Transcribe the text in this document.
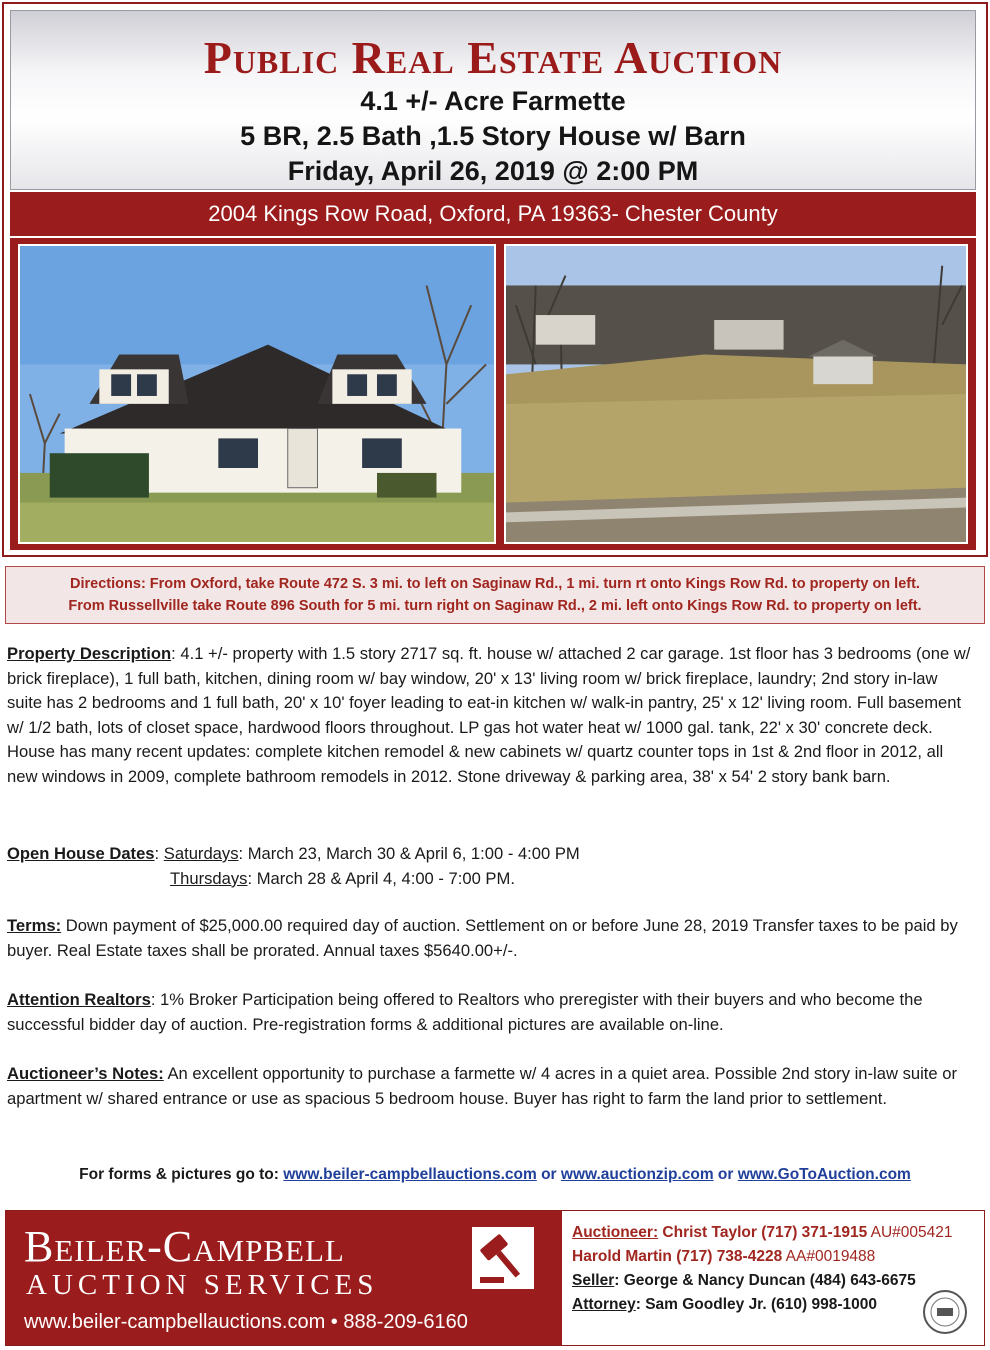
Public Real Estate Auction
4.1 +/- Acre Farmette
5 BR, 2.5 Bath ,1.5 Story House w/ Barn
Friday, April 26, 2019 @ 2:00 PM
2004 Kings Row Road, Oxford, PA 19363- Chester County
Directions: From Oxford, take Route 472 S. 3 mi. to left on Saginaw Rd., 1 mi. turn rt onto Kings Row Rd. to property on left.
From Russellville take Route 896 South for 5 mi. turn right on Saginaw Rd., 2 mi. left onto Kings Row Rd. to property on left.
Property Description: 4.1 +/- property with 1.5 story 2717 sq. ft. house w/ attached 2 car garage. 1st floor has 3 bedrooms (one w/ brick fireplace), 1 full bath, kitchen, dining room w/ bay window, 20' x 13' living room w/ brick fireplace, laundry; 2nd story in-law suite has 2 bedrooms and 1 full bath, 20' x 10' foyer leading to eat-in kitchen w/ walk-in pantry, 25' x 12' living room. Full basement w/ 1/2 bath, lots of closet space, hardwood floors throughout. LP gas hot water heat w/ 1000 gal. tank, 22' x 30' concrete deck. House has many recent updates: complete kitchen remodel & new cabinets w/ quartz counter tops in 1st & 2nd floor in 2012, all new windows in 2009, complete bathroom remodels in 2012. Stone driveway & parking area, 38' x 54' 2 story bank barn.
Open House Dates: Saturdays: March 23, March 30 & April 6, 1:00 - 4:00 PM
Thursdays: March 28 & April 4, 4:00 - 7:00 PM.
Terms: Down payment of $25,000.00 required day of auction. Settlement on or before June 28, 2019 Transfer taxes to be paid by buyer. Real Estate taxes shall be prorated. Annual taxes $5640.00+/-.
Attention Realtors: 1% Broker Participation being offered to Realtors who preregister with their buyers and who become the successful bidder day of auction. Pre-registration forms & additional pictures are available on-line.
Auctioneer’s Notes: An excellent opportunity to purchase a farmette w/ 4 acres in a quiet area. Possible 2nd story in-law suite or apartment w/ shared entrance or use as spacious 5 bedroom house. Buyer has right to farm the land prior to settlement.
For forms & pictures go to: www.beiler-campbellauctions.com or www.auctionzip.com or www.GoToAuction.com
Beiler-Campbell
AUCTION SERVICES
www.beiler-campbellauctions.com • 888-209-6160
Auctioneer: Christ Taylor (717) 371-1915 AU#005421
Harold Martin (717) 738-4228 AA#0019488
Seller: George & Nancy Duncan (484) 643-6675
Attorney: Sam Goodley Jr. (610) 998-1000
